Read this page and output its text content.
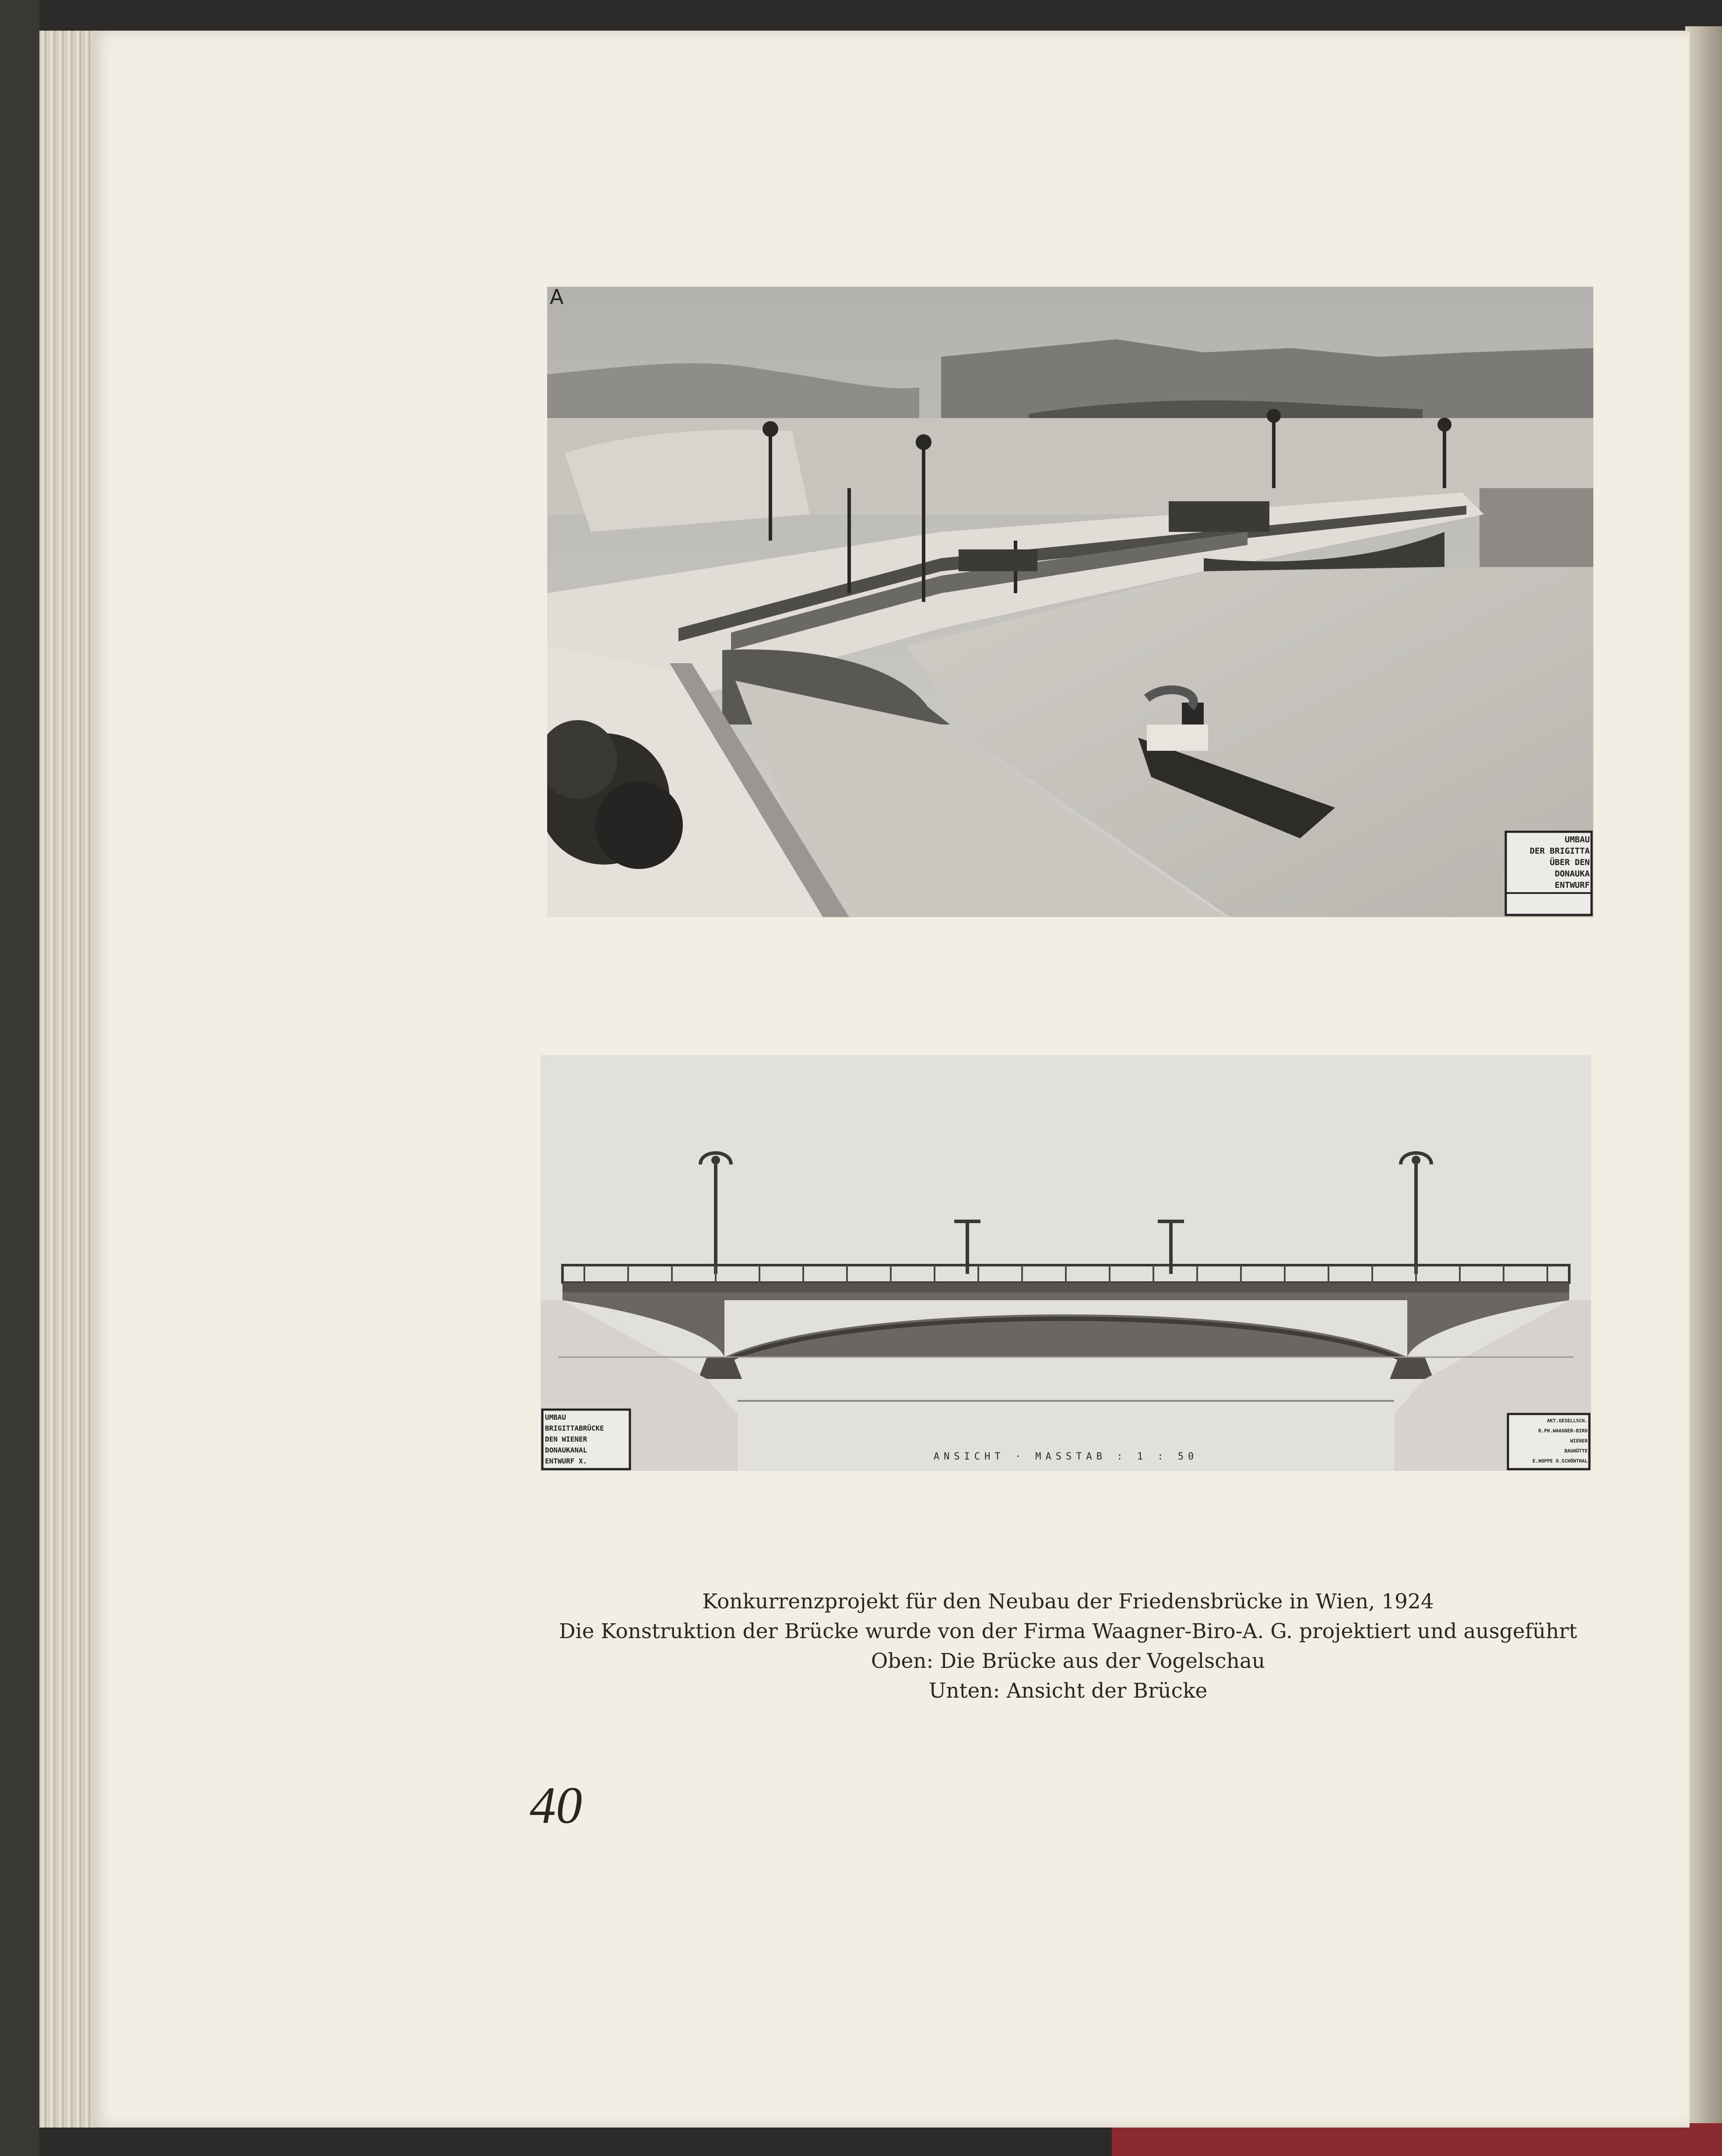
A
UMBAU
DER BRIGITTA
ÜBER DEN
DONAUKA
ENTWURF
UMBAU
BRIGITTABRÜCKE
DEN WIENER
DONAUKANAL
ENTWURF X.
AKT.GESELLSCH.
R.PH.WAAGNER-BIRO
WIENER
BAUHÜTTE
E.HOPPE O.SCHÖNTHAL
ANSICHT · MASSTAB : 1 : 50
Konkurrenzprojekt für den Neubau der Friedensbrücke in Wien, 1924
Die Konstruktion der Brücke wurde von der Firma Waagner-Biro-A. G. projektiert und ausgeführt
Oben: Die Brücke aus der Vogelschau
Unten: Ansicht der Brücke
40
